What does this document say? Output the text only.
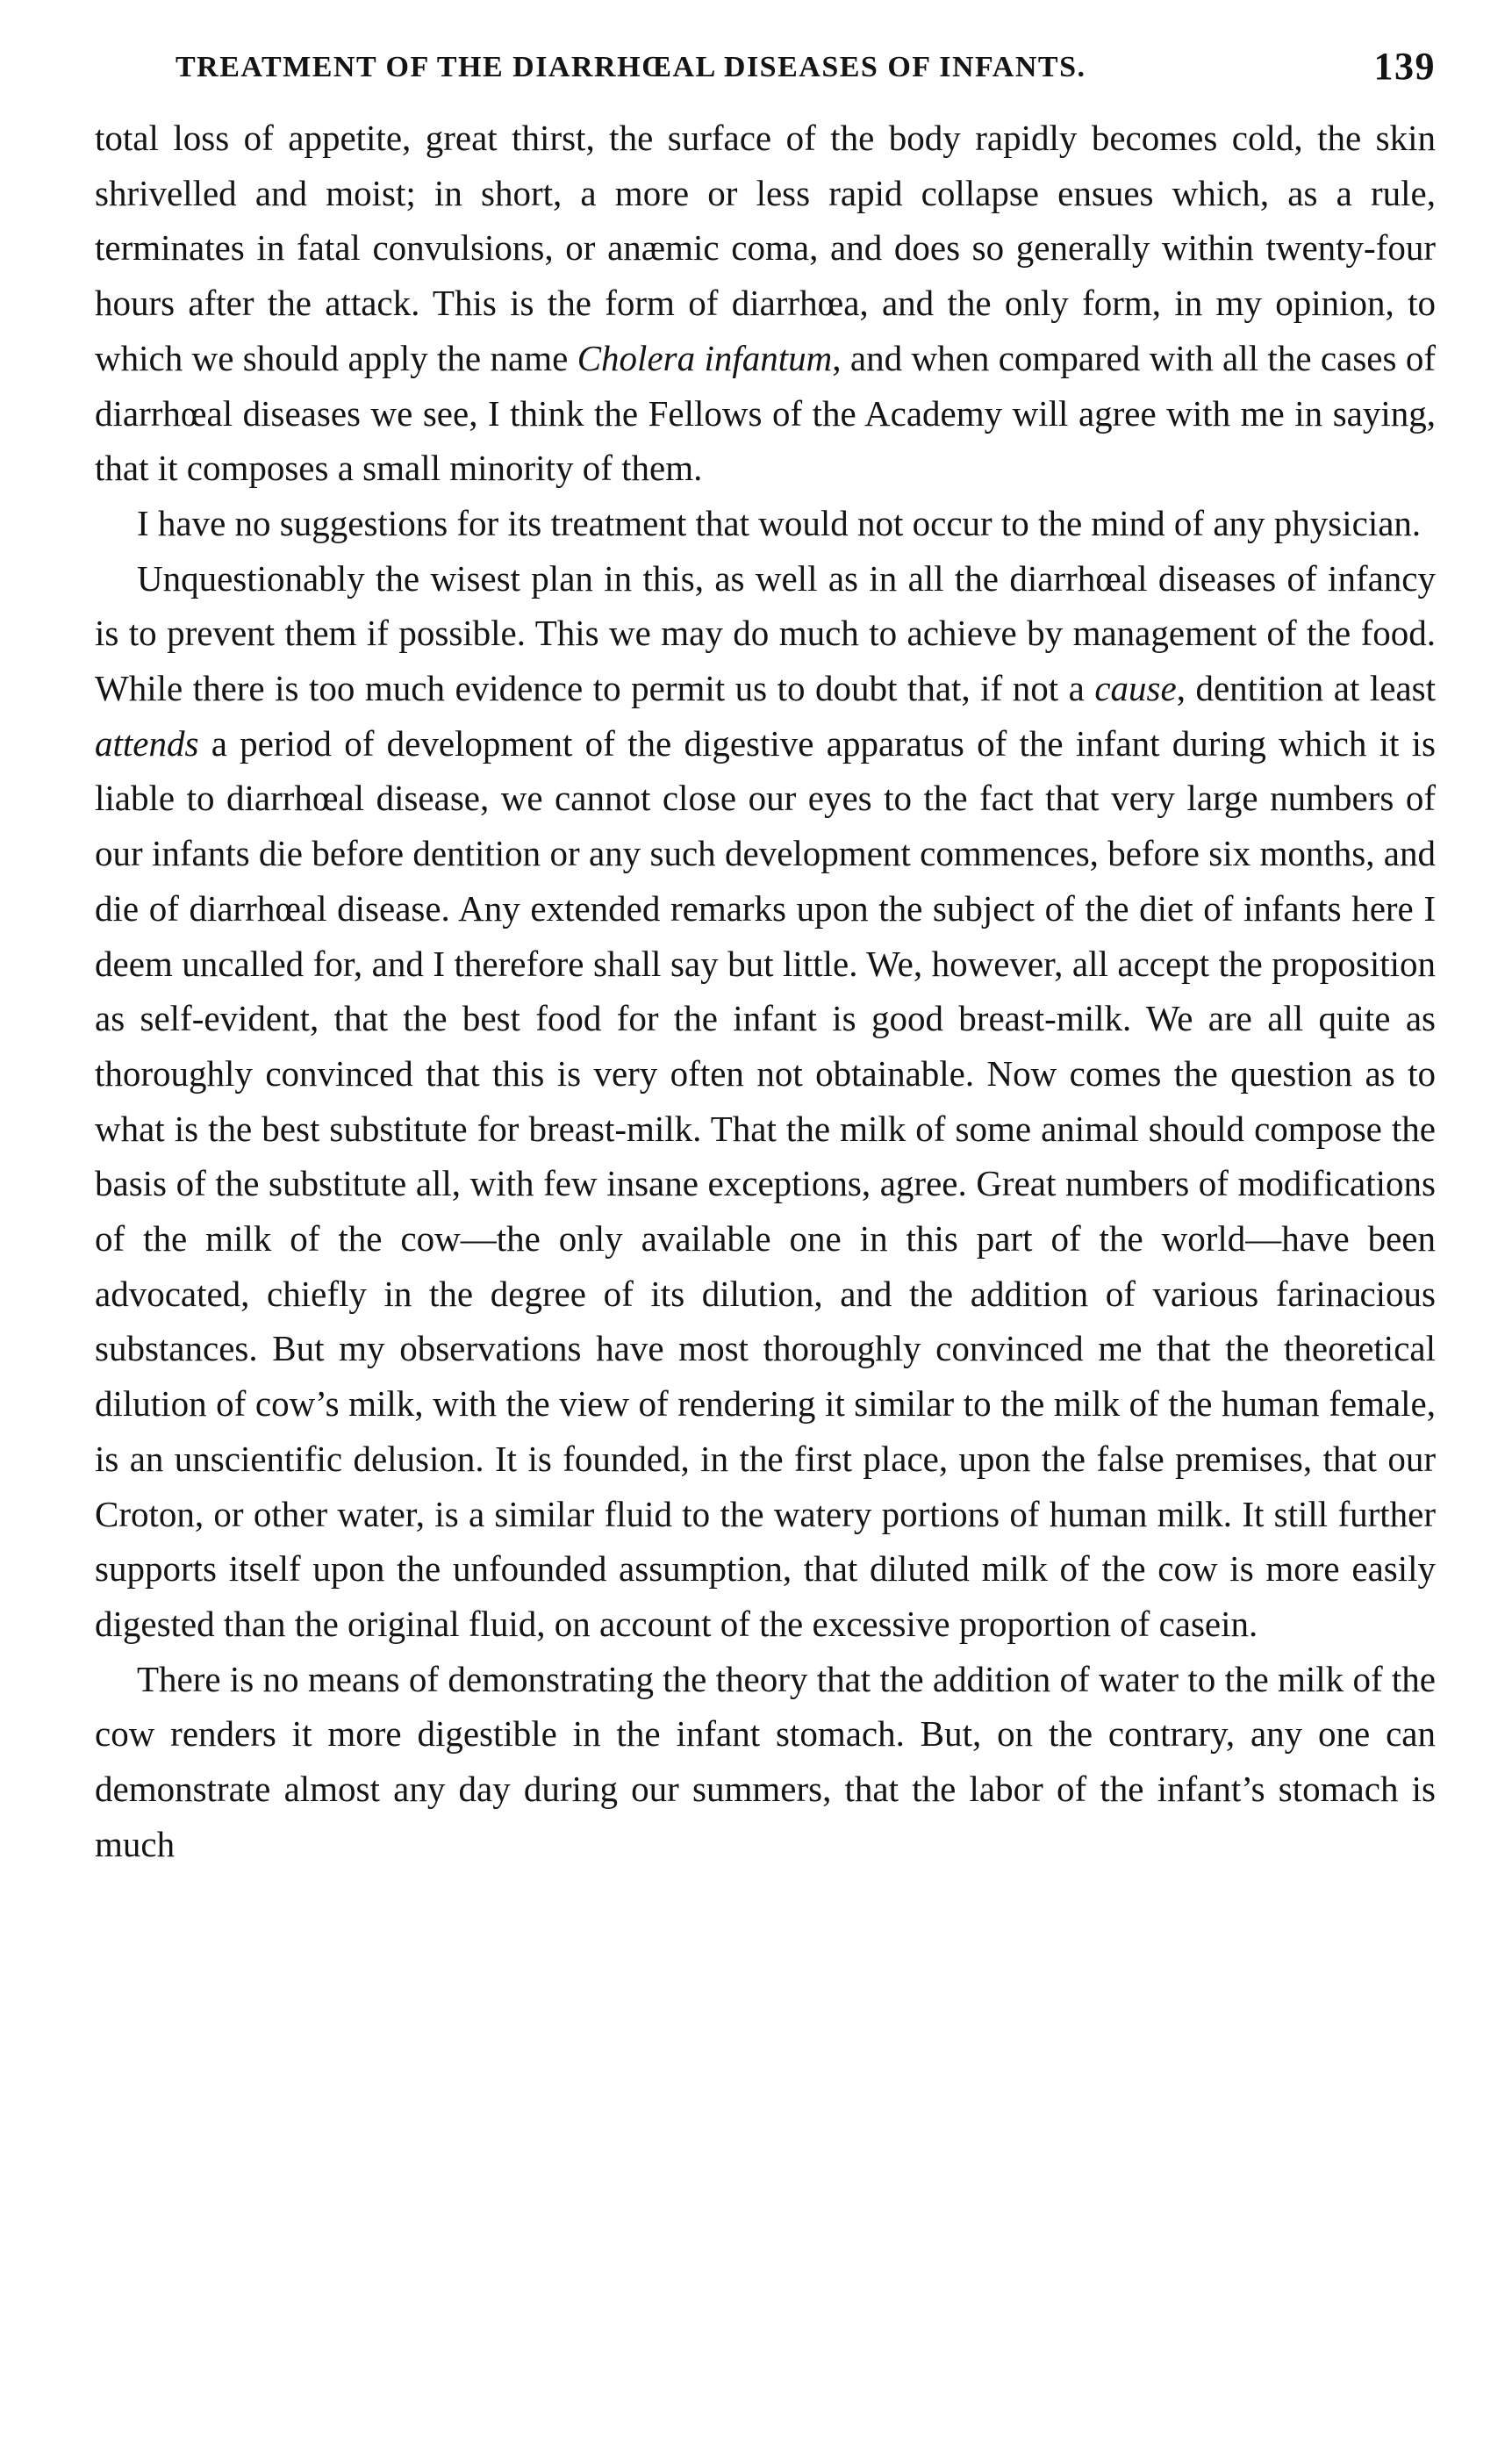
TREATMENT OF THE DIARRHŒAL DISEASES OF INFANTS.	139

total loss of appetite, great thirst, the surface of the body rapidly becomes cold, the skin shrivelled and moist; in short, a more or less rapid collapse ensues which, as a rule, terminates in fatal convulsions, or anæmic coma, and does so generally within twenty-four hours after the attack. This is the form of diarrhœa, and the only form, in my opinion, to which we should apply the name Cholera infantum, and when compared with all the cases of diarrhœal diseases we see, I think the Fellows of the Academy will agree with me in saying, that it composes a small minority of them.

I have no suggestions for its treatment that would not occur to the mind of any physician.

Unquestionably the wisest plan in this, as well as in all the diarrhœal diseases of infancy is to prevent them if possible. This we may do much to achieve by management of the food. While there is too much evidence to permit us to doubt that, if not a cause, dentition at least attends a period of development of the digestive apparatus of the infant during which it is liable to diarrhœal disease, we cannot close our eyes to the fact that very large numbers of our infants die before dentition or any such development commences, before six months, and die of diarrhœal disease. Any extended remarks upon the subject of the diet of infants here I deem uncalled for, and I therefore shall say but little. We, however, all accept the proposition as self-evident, that the best food for the infant is good breast-milk. We are all quite as thoroughly convinced that this is very often not obtainable. Now comes the question as to what is the best substitute for breast-milk. That the milk of some animal should compose the basis of the substitute all, with few insane exceptions, agree. Great numbers of modifications of the milk of the cow—the only available one in this part of the world—have been advocated, chiefly in the degree of its dilution, and the addition of various farinacious substances. But my observations have most thoroughly convinced me that the theoretical dilution of cow’s milk, with the view of rendering it similar to the milk of the human female, is an unscientific delusion. It is founded, in the first place, upon the false premises, that our Croton, or other water, is a similar fluid to the watery portions of human milk. It still further supports itself upon the unfounded assumption, that diluted milk of the cow is more easily digested than the original fluid, on account of the excessive proportion of casein.

There is no means of demonstrating the theory that the addition of water to the milk of the cow renders it more digestible in the infant stomach. But, on the contrary, any one can demonstrate almost any day during our summers, that the labor of the infant’s stomach is much
